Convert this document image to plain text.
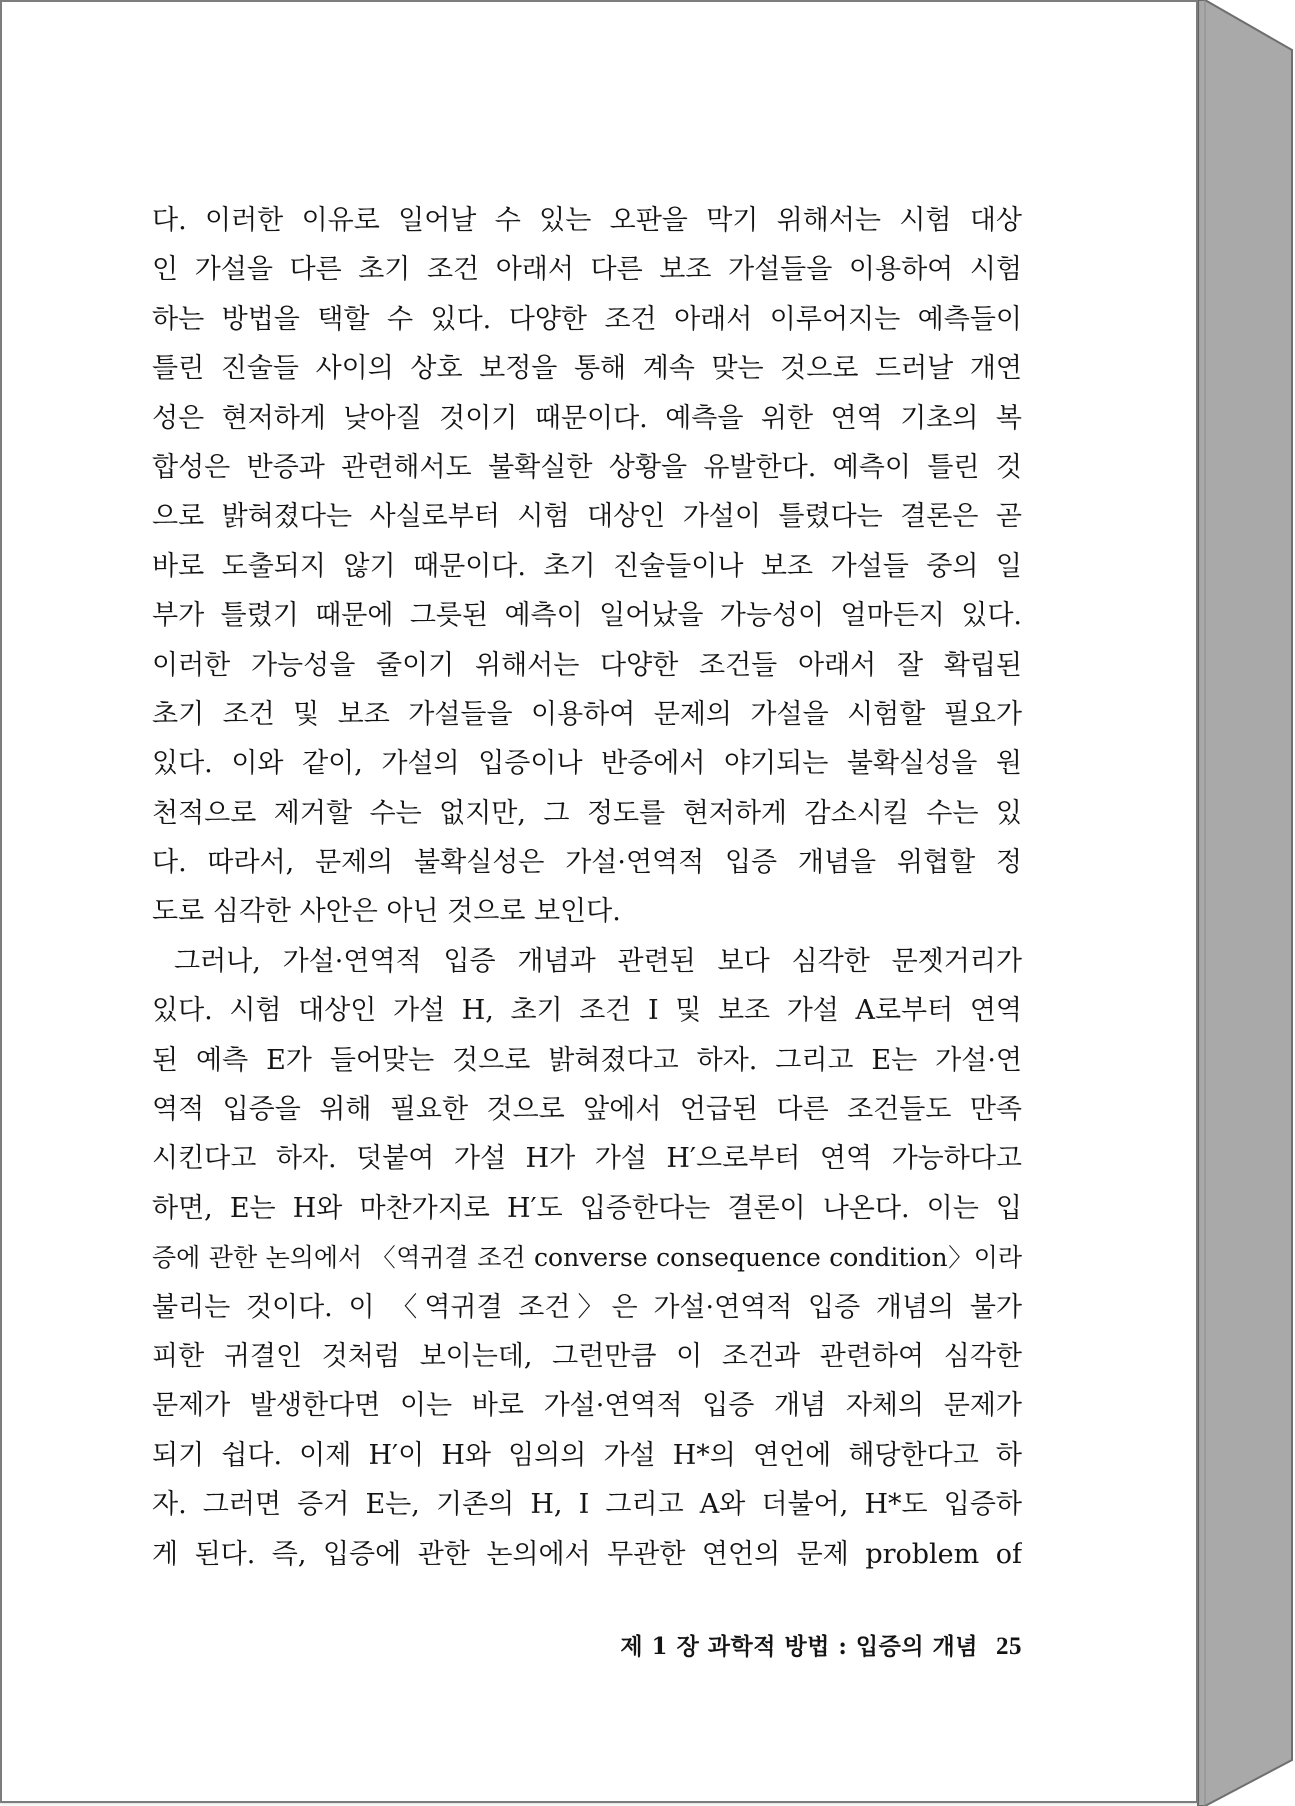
다. 이러한 이유로 일어날 수 있는 오판을 막기 위해서는 시험 대상
인 가설을 다른 초기 조건 아래서 다른 보조 가설들을 이용하여 시험
하는 방법을 택할 수 있다. 다양한 조건 아래서 이루어지는 예측들이
틀린 진술들 사이의 상호 보정을 통해 계속 맞는 것으로 드러날 개연
성은 현저하게 낮아질 것이기 때문이다. 예측을 위한 연역 기초의 복
합성은 반증과 관련해서도 불확실한 상황을 유발한다. 예측이 틀린 것
으로 밝혀졌다는 사실로부터 시험 대상인 가설이 틀렸다는 결론은 곧
바로 도출되지 않기 때문이다. 초기 진술들이나 보조 가설들 중의 일
부가 틀렸기 때문에 그릇된 예측이 일어났을 가능성이 얼마든지 있다.
이러한 가능성을 줄이기 위해서는 다양한 조건들 아래서 잘 확립된
초기 조건 및 보조 가설들을 이용하여 문제의 가설을 시험할 필요가
있다. 이와 같이, 가설의 입증이나 반증에서 야기되는 불확실성을 원
천적으로 제거할 수는 없지만, 그 정도를 현저하게 감소시킬 수는 있
다. 따라서, 문제의 불확실성은 가설·연역적 입증 개념을 위협할 정
도로 심각한 사안은 아닌 것으로 보인다.

그러나, 가설·연역적 입증 개념과 관련된 보다 심각한 문젯거리가
있다. 시험 대상인 가설 H, 초기 조건 I 및 보조 가설 A로부터 연역
된 예측 E가 들어맞는 것으로 밝혀졌다고 하자. 그리고 E는 가설·연
역적 입증을 위해 필요한 것으로 앞에서 언급된 다른 조건들도 만족
시킨다고 하자. 덧붙여 가설 H가 가설 H′으로부터 연역 가능하다고
하면, E는 H와 마찬가지로 H′도 입증한다는 결론이 나온다. 이는 입
증에 관한 논의에서 〈역귀결 조건 converse consequence condition〉이라
불리는 것이다. 이 〈역귀결 조건〉은 가설·연역적 입증 개념의 불가
피한 귀결인 것처럼 보이는데, 그런만큼 이 조건과 관련하여 심각한
문제가 발생한다면 이는 바로 가설·연역적 입증 개념 자체의 문제가
되기 쉽다. 이제 H′이 H와 임의의 가설 H*의 연언에 해당한다고 하
자. 그러면 증거 E는, 기존의 H, I 그리고 A와 더불어, H*도 입증하
게 된다. 즉, 입증에 관한 논의에서 무관한 연언의 문제 problem of

제 1 장 과학적 방법 : 입증의 개념 25
